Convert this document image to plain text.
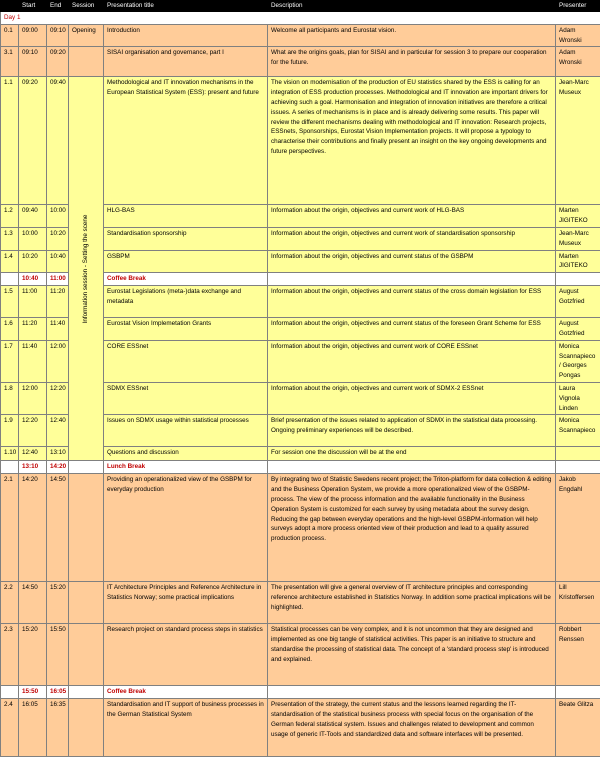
	Start	End	Session	Presentation title	Description	Presenter
Day 1						
0.1	09:00	09:10	Opening	Introduction	Welcome all participants and Eurostat vision.	Adam Wronski
3.1	09:10	09:20		SISAI organisation and governance, part I	What are the origins goals, plan for SISAI and in particular for session 3 to prepare our cooperation for the future.	Adam Wronski
1.1	09:20	09:40	Information session - Setting the scene	Methodological and IT innovation mechanisms in the European Statistical System (ESS): present and future	The vision on modernisation of the production of EU statistics shared by the ESS is calling for an integration of ESS production processes. Methodological and IT innovation are important drivers for achieving such a goal. Harmonisation and integration of innovation initiatives are therefore a critical issues. A series of mechanisms is in place and is already delivering some results. This paper will review the different mechanisms dealing with methodological and IT innovation: Research projects, ESSnets, Sponsorships, Eurostat Vision Implementation projects. It will propose a typology to characterise their contributions and finally present an insight on the key ongoing developments and future perspectives.	Jean-Marc Museux
1.2	09:40	10:00		HLG-BAS	Information about the origin, objectives and current work of HLG-BAS	Marten JIGITEKO
1.3	10:00	10:20		Standardisation sponsorship	Information about the origin, objectives and current work of standardisation sponsorship	Jean-Marc Museux
1.4	10:20	10:40		GSBPM	Information about the origin, objectives and current status of the GSBPM	Marten JIGITEKO
	10:40	11:00		Coffee Break		
1.5	11:00	11:20		Eurostat Legislations (meta-)data exchange and metadata	Information about the origin, objectives and current status of the cross domain legislation for ESS	August Gotzfried
1.6	11:20	11:40		Eurostat Vision Implemetation Grants	Information about the origin, objectives and current status of the foreseen Grant Scheme for ESS	August Gotzfried
1.7	11:40	12:00		CORE ESSnet	Information about the origin, objectives and current work of CORE ESSnet	Monica Scannapieco / Georges Pongas
1.8	12:00	12:20		SDMX ESSnet	Information about the origin, objectives and current work of SDMX-2 ESSnet	Laura Vignola Linden
1.9	12:20	12:40		Issues on SDMX usage within statistical processes	Brief presentation of the issues related to application of SDMX in the statistical data processing. Ongoing preliminary experiences will be described.	Monica Scannapieco
1.10	12:40	13:10		Questions and discussion	For session one the discussion will be at the end	
	13:10	14:20		Lunch Break		
2.1	14:20	14:50		Providing an operationalized view of the GSBPM for everyday production	By integrating two of Statistic Swedens recent project; the Triton-platform for data collection & editing and the Business Operation System, we provide a more operationalized view of the GSBPM-process. The view of the process information and the available functionality in the Business Operation System is customized for each survey by using metadata about the survey design. Reducing the gap between everyday operations and the high-level GSBPM-information will help surveys adopt a more process oriented view of their production and lead to a quality assured production process.	Jakob Engdahl
2.2	14:50	15:20		IT Architecture Principles and Reference Architecture in Statistics Norway; some practical implications	The presentation will give a general overview of IT architecture principles and corresponding reference architecture established in Statistics Norway. In addition some practical implications will be highlighted.	Lill Kristoffersen
2.3	15:20	15:50		Research project on standard process steps in statistics	Statistical processes can be very complex, and it is not uncommon that they are designed and implemented as one big tangle of statistical activities. This paper is an initiative to structure and standardise the processing of statistical data. The concept of a 'standard process step' is introduced and explained.	Robbert Renssen
	15:50	16:05		Coffee Break		
2.4	16:05	16:35		Standardisation and IT support of business processes in the German Statistical System	Presentation of the strategy, the current status and the lessons learned regarding the IT-standardisation of the statistical business process with special focus on the organisation of the German federal statistical system. Issues and challenges related to development and common usage of generic IT-Tools and standardized data and software interfaces will be presented.	Beate Glitza
